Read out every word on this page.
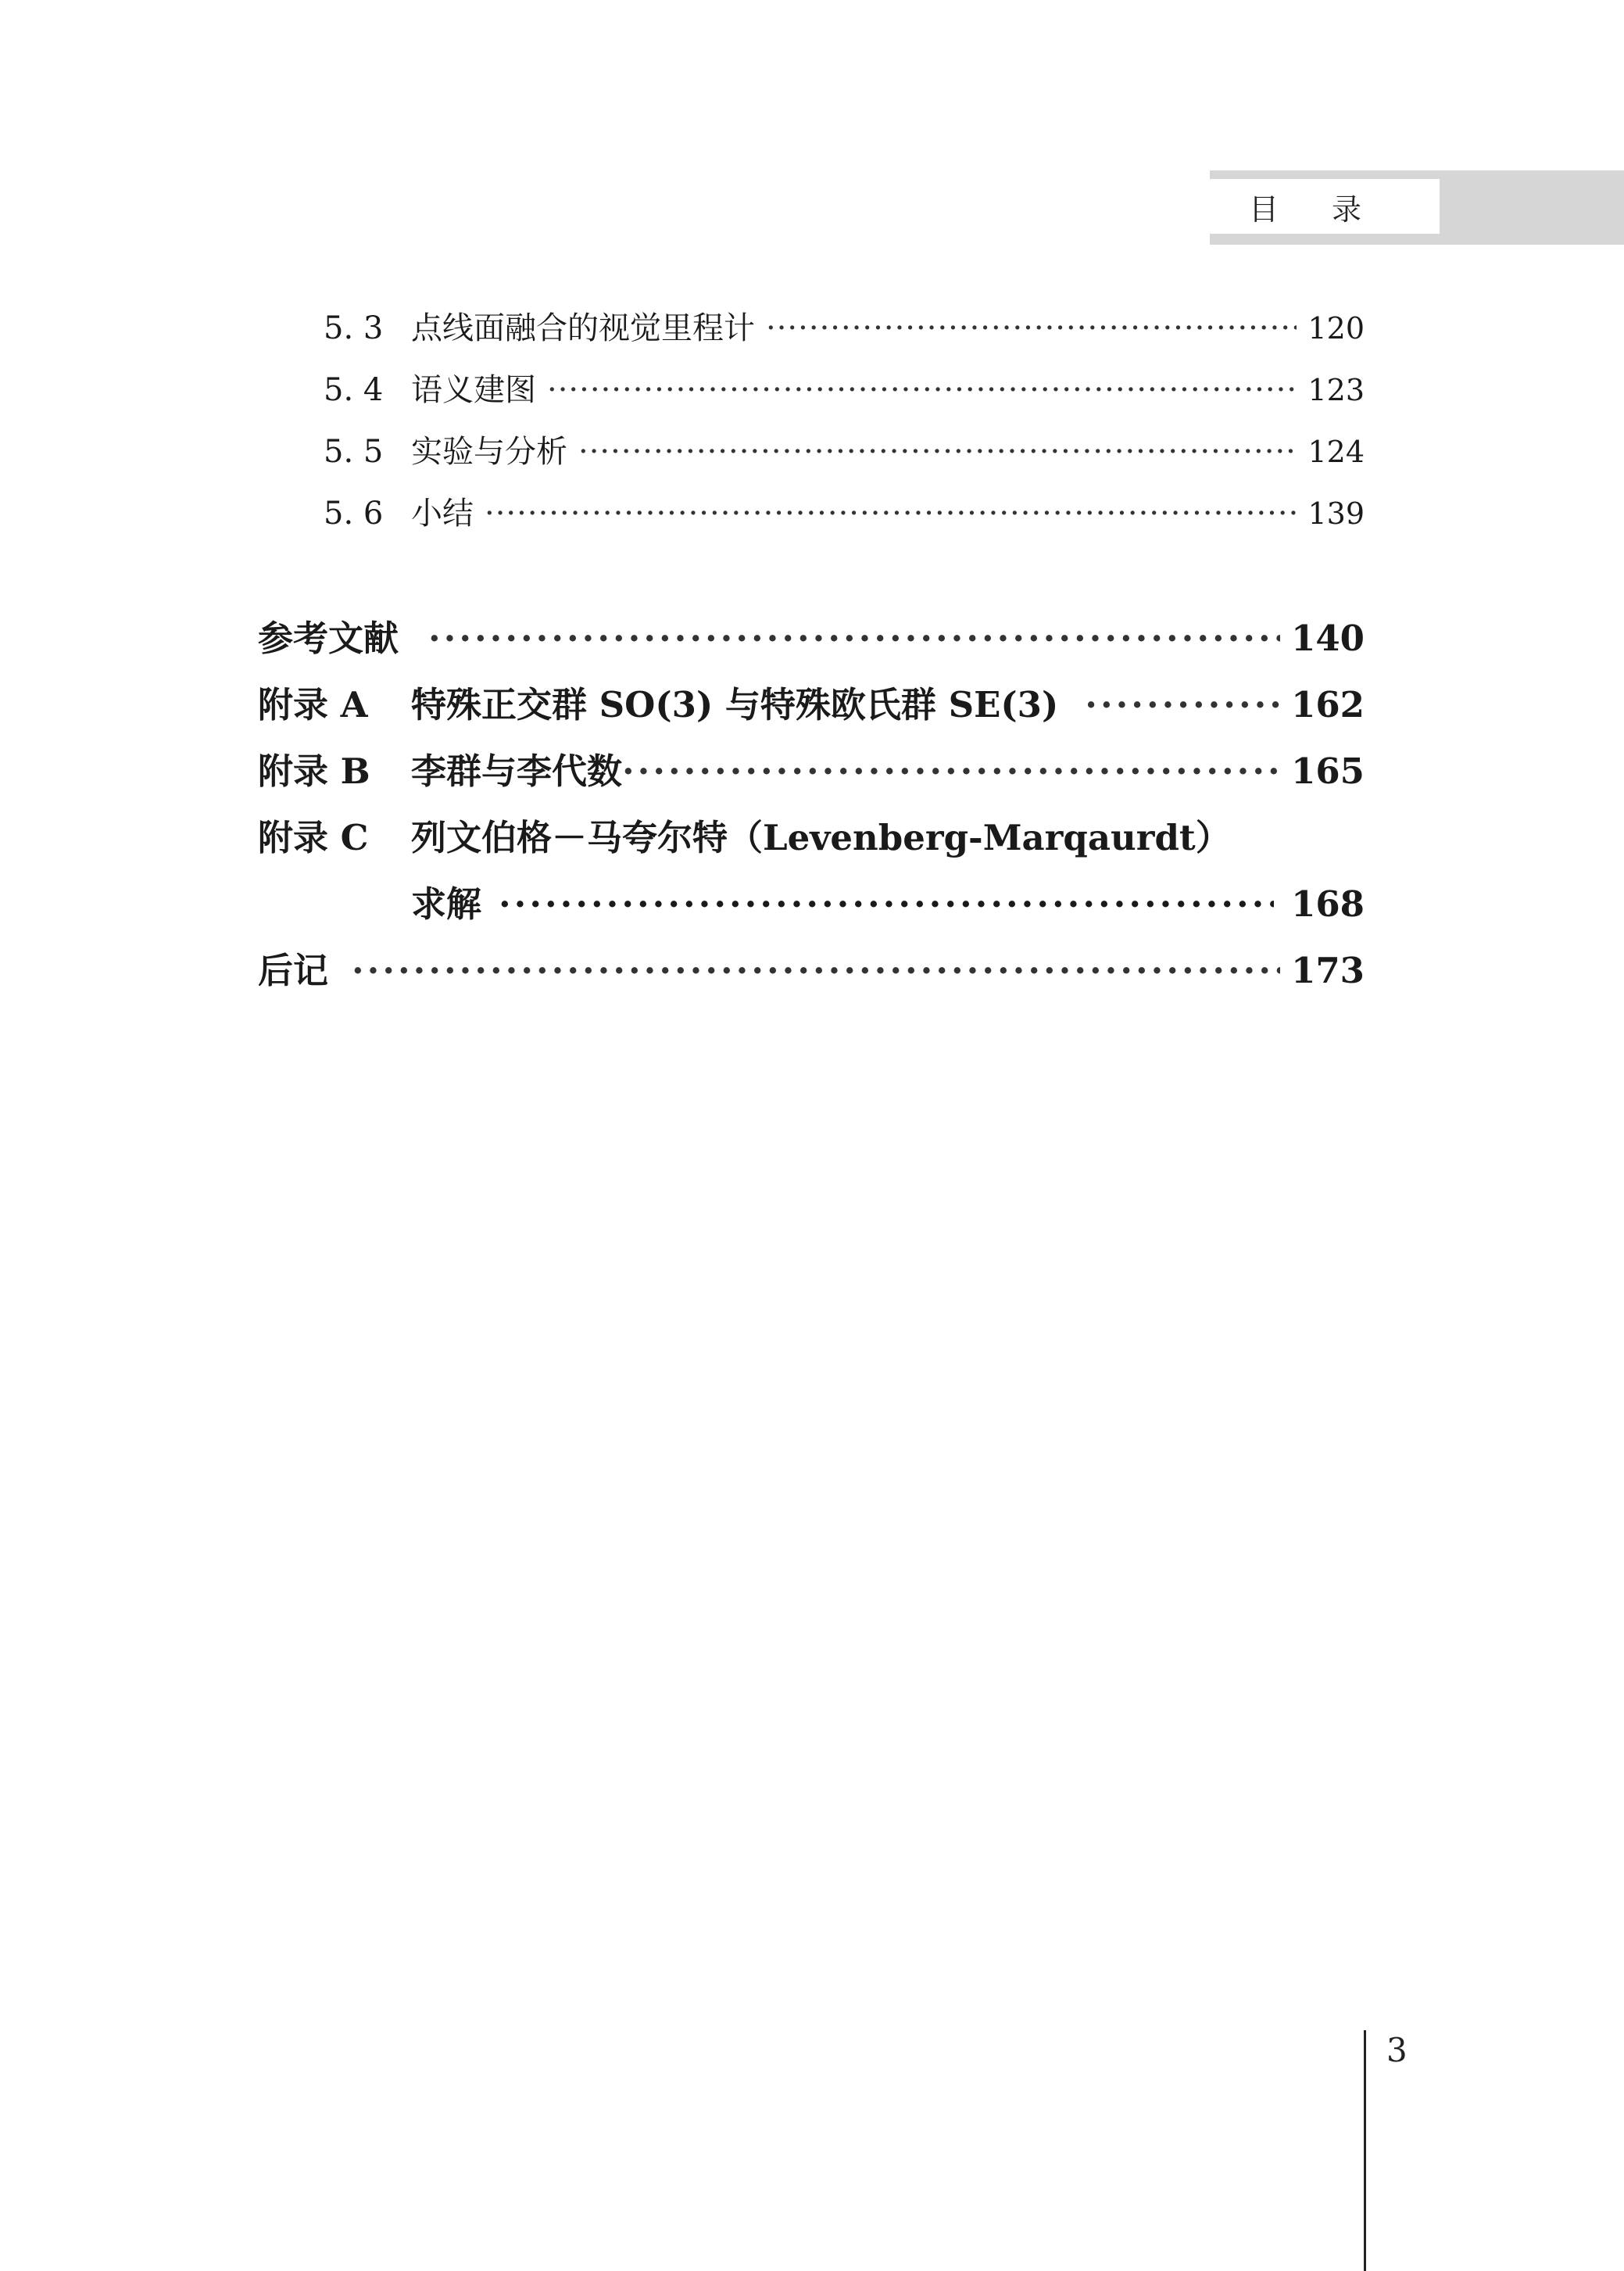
目录
5. 3 点线面融合的视觉里程计 ·····	120
5. 4 语义建图 ·····	123
5. 5 实验与分析 ·····	124
5. 6 小结 ·····	139
参考文献 ·····	140
附录 A	特殊正交群 SO(3) 与特殊欧氏群 SE(3) ·····	162
附录 B	李群与李代数 ·····	165
附录 C	列文伯格－马夸尔特（Levenberg-Marqaurdt）
求解 ·····	168
后记 ·····	173
3
